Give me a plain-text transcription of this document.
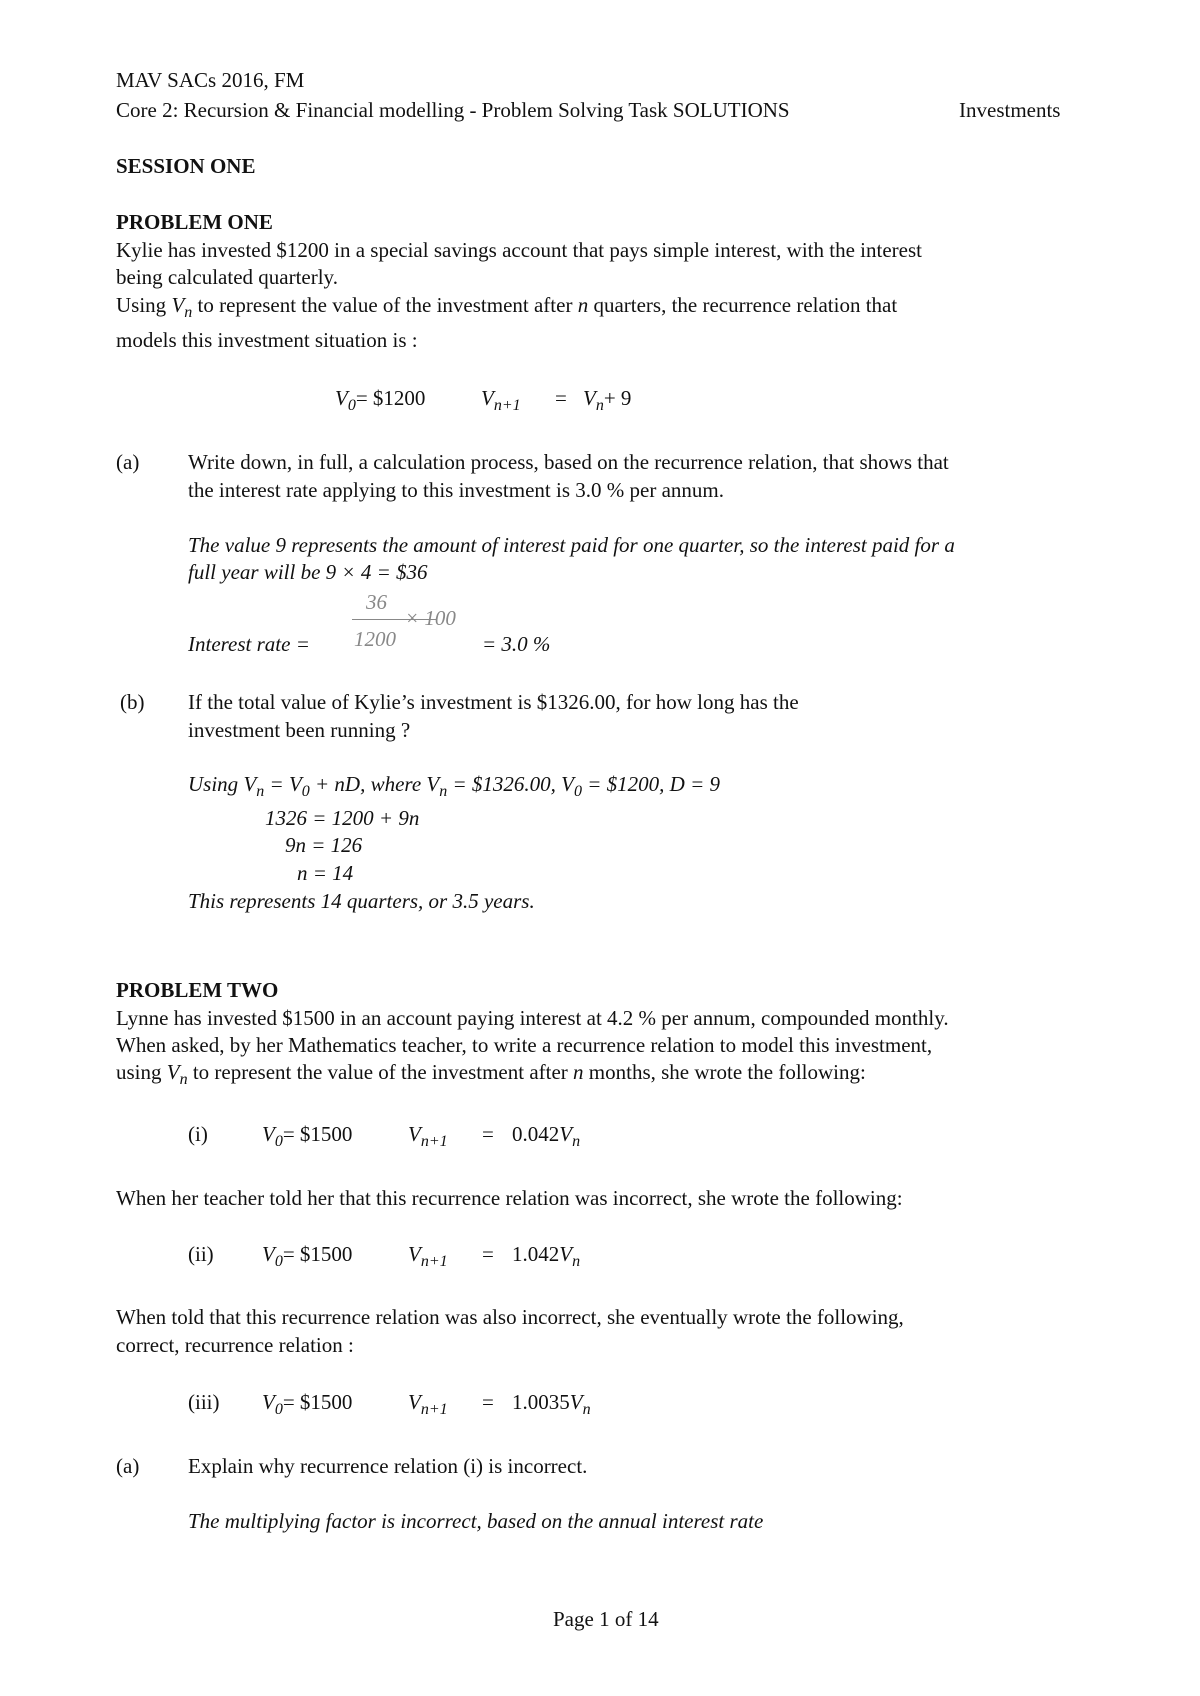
MAV SACs 2016, FM
Core 2: Recursion & Financial modelling - Problem Solving Task SOLUTIONS	Investments
SESSION ONE
PROBLEM ONE
Kylie has invested $1200 in a special savings account that pays simple interest, with the interest
being calculated quarterly.
Using $V_n$ to represent the value of the investment after n quarters, the recurrence relation that
models this investment situation is :
$V_0=$ $1200	$V_{n+1} = V_n+ 9$
(a) Write down, in full, a calculation process, based on the recurrence relation, that shows that
the interest rate applying to this investment is 3.0 % per annum.
The value 9 represents the amount of interest paid for one quarter, so the interest paid for a
full year will be 9 × 4 = $36
36
1200
× 100
Interest rate =	= 3.0 %
(b) If the total value of Kylie’s investment is $1326.00, for how long has the
investment been running ?
Using $V_n = V_0$ + nD, where $V_n$ = $1326.00, $V_0$ = $1200, D = 9
1326 = 1200 + 9n
9n = 126
n = 14
This represents 14 quarters, or 3.5 years.
PROBLEM TWO
Lynne has invested $1500 in an account paying interest at 4.2 % per annum, compounded monthly.
When asked, by her Mathematics teacher, to write a recurrence relation to model this investment,
using $V_n$ to represent the value of the investment after n months, she wrote the following:
(i)	$V_0=$ $1500	$V_{n+1} = 0.042V_n$
When her teacher told her that this recurrence relation was incorrect, she wrote the following:
(ii) $V_0=$ $1500	$V_{n+1} = 1.042V_n$
When told that this recurrence relation was also incorrect, she eventually wrote the following,
correct, recurrence relation :
(iii) $V_0=$ $1500	$V_{n+1} = 1.0035V_n$
(a) Explain why recurrence relation (i) is incorrect.
The multiplying factor is incorrect, based on the annual interest rate
Page 1 of 14
